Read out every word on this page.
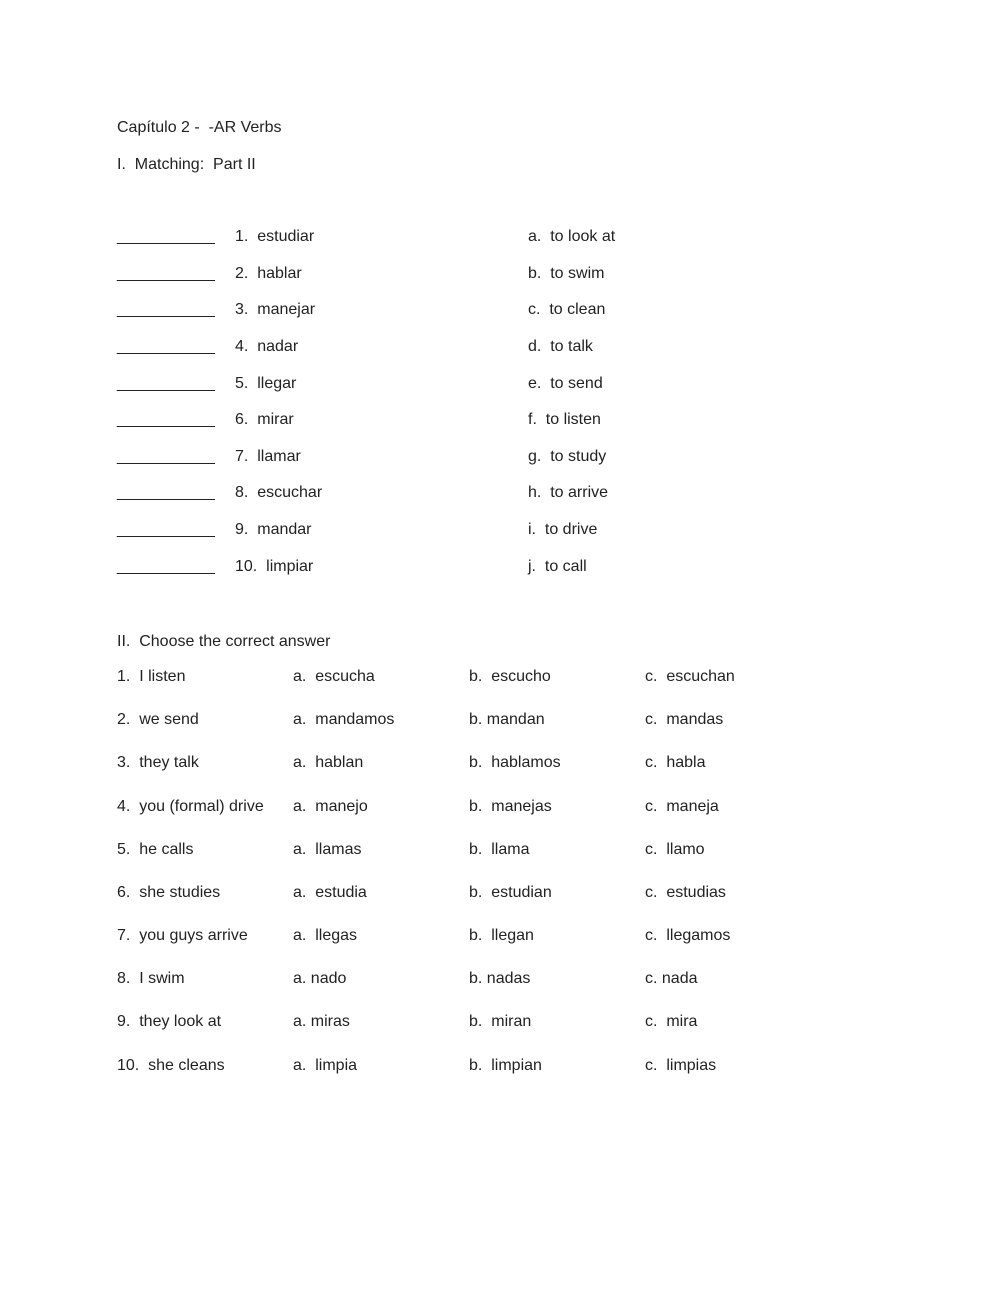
Capítulo 2 -  -AR Verbs
I.  Matching:  Part II
___________ 1.  estudiar	a.  to look at
___________ 2.  hablar	b.  to swim
___________ 3.  manejar	c.  to clean
___________ 4.  nadar	d.  to talk
___________ 5.  llegar	e.  to send
___________ 6.  mirar	f.  to listen
___________ 7.  llamar	g.  to study
___________ 8.  escuchar	h.  to arrive
___________ 9.  mandar	i.  to drive
___________ 10.  limpiar	j.  to call
II.  Choose the correct answer
1.  I listen	a.  escucha	b.  escucho	c.  escuchan
2.  we send	a.  mandamos	b. mandan	c.  mandas
3.  they talk	a.  hablan	b.  hablamos	c.  habla
4.  you (formal) drive a.  manejo	b.  manejas	c.  maneja
5.  he calls	a.  llamas	b.  llama	c.  llamo
6.  she studies	a.  estudia	b.  estudian	c.  estudias
7.  you guys arrive	a.  llegas	b.  llegan	c.  llegamos
8.  I swim	a. nado	b. nadas	c. nada
9.  they look at	a. miras	b.  miran	c.  mira
10.  she cleans	a.  limpia	b.  limpian	c.  limpias
